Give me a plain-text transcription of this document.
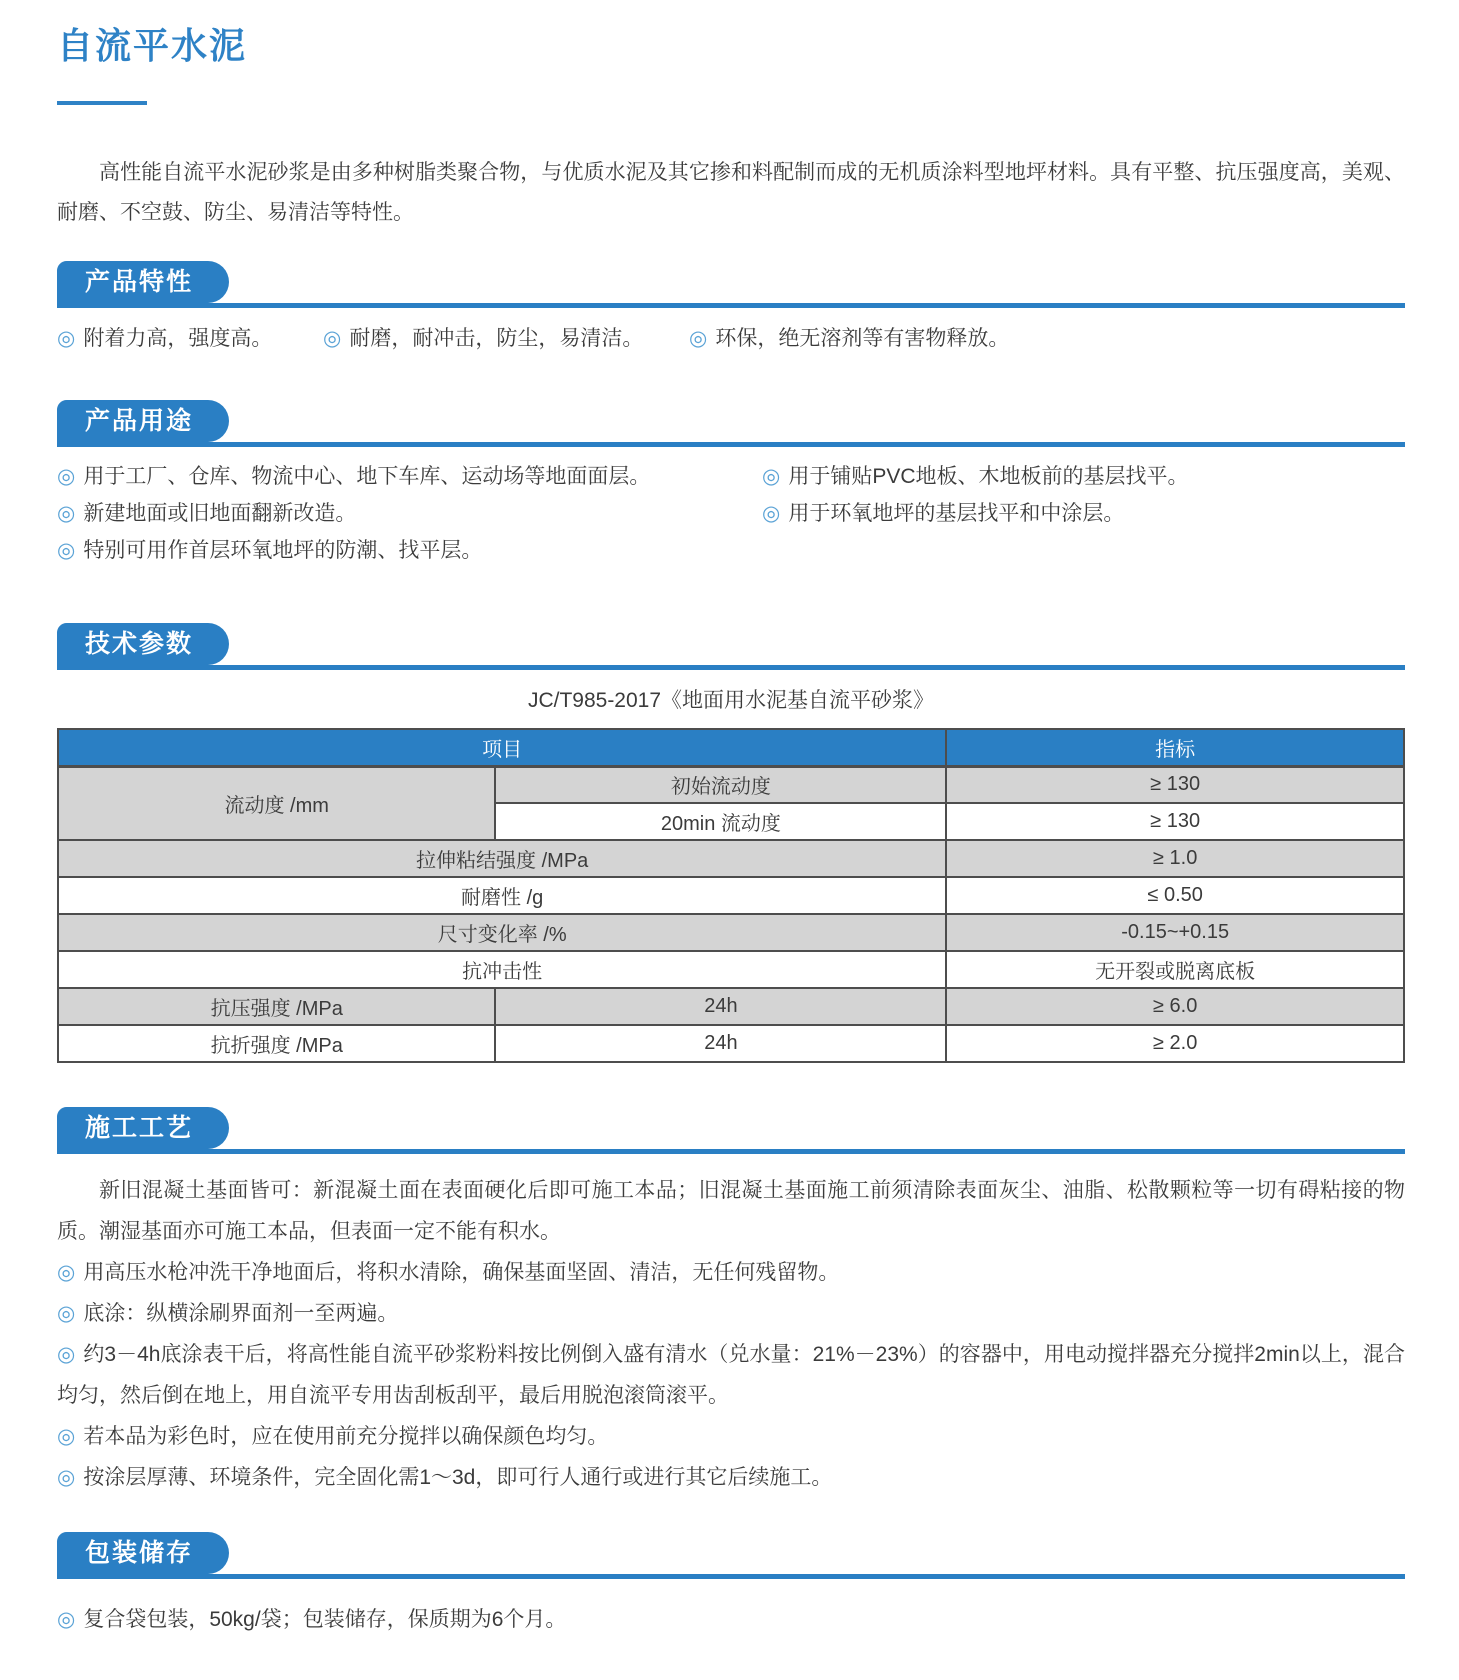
自流平水泥

高性能自流平水泥砂浆是由多种树脂类聚合物，与优质水泥及其它掺和料配制而成的无机质涂料型地坪材料。具有平整、抗压强度高，美观、耐磨、不空鼓、防尘、易清洁等特性。

产品特性
◎ 附着力高，强度高。	◎ 耐磨，耐冲击，防尘，易清洁。	◎ 环保，绝无溶剂等有害物释放。
产品用途
◎ 用于工厂、仓库、物流中心、地下车库、运动场等地面面层。
◎ 新建地面或旧地面翻新改造。
◎ 特别可用作首层环氧地坪的防潮、找平层。
◎ 用于铺贴PVC地板、木地板前的基层找平。
◎ 用于环氧地坪的基层找平和中涂层。
技术参数
JC/T985-2017《地面用水泥基自流平砂浆》
项目		指标
流动度 /mm	初始流动度	≥ 130
	20min 流动度	≥ 130
拉伸粘结强度 /MPa		≥ 1.0
耐磨性 /g		≤ 0.50
尺寸变化率 /%		-0.15~+0.15
抗冲击性		无开裂或脱离底板
抗压强度 /MPa	24h	≥ 6.0
抗折强度 /MPa	24h	≥ 2.0
施工工艺

新旧混凝土基面皆可：新混凝土面在表面硬化后即可施工本品；旧混凝土基面施工前须清除表面灰尘、油脂、松散颗粒等一切有碍粘接的物质。潮湿基面亦可施工本品，但表面一定不能有积水。

◎ 用高压水枪冲洗干净地面后，将积水清除，确保基面坚固、清洁，无任何残留物。
◎ 底涂：纵横涂刷界面剂一至两遍。
◎ 约3－4h底涂表干后，将高性能自流平砂浆粉料按比例倒入盛有清水（兑水量：21%－23%）的容器中，用电动搅拌器充分搅拌2min以上，混合均匀，然后倒在地上，用自流平专用齿刮板刮平，最后用脱泡滚筒滚平。
◎ 若本品为彩色时，应在使用前充分搅拌以确保颜色均匀。
◎ 按涂层厚薄、环境条件，完全固化需1～3d，即可行人通行或进行其它后续施工。
包装储存
◎ 复合袋包装，50kg/袋；包装储存，保质期为6个月。
